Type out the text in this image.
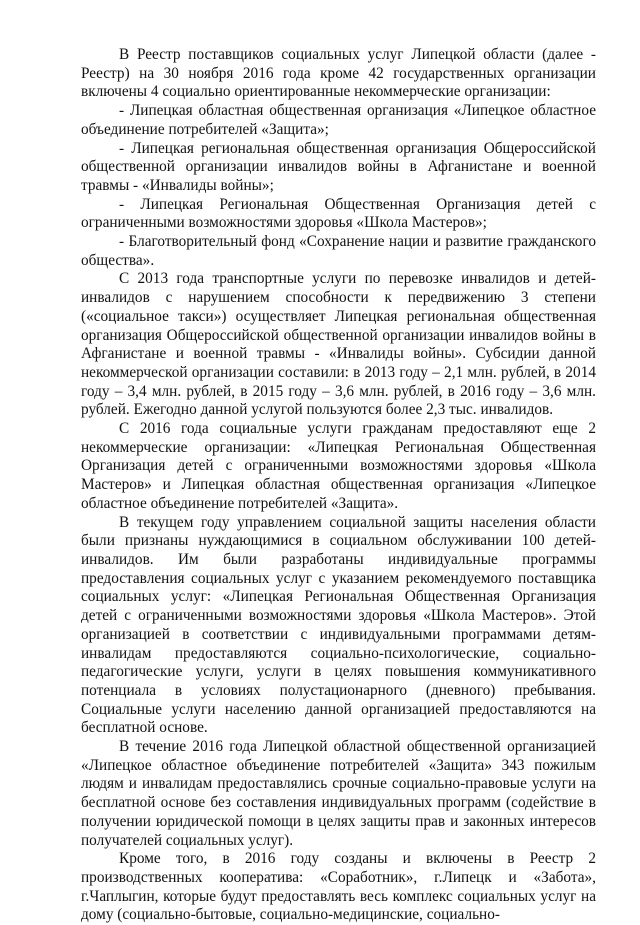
В Реестр поставщиков социальных услуг Липецкой области (далее - Реестр) на 30 ноября 2016 года кроме 42 государственных организации включены 4 социально ориентированные некоммерческие организации:

- Липецкая областная общественная организация «Липецкое областное объединение потребителей «Защита»;

- Липецкая региональная общественная организация Общероссийской общественной организации инвалидов войны в Афганистане и военной травмы - «Инвалиды войны»;

- Липецкая Региональная Общественная Организация детей с ограниченными возможностями здоровья «Школа Мастеров»;

- Благотворительный фонд «Сохранение нации и развитие гражданского общества».

С 2013 года транспортные услуги по перевозке инвалидов и детей-инвалидов с нарушением способности к передвижению 3 степени («социальное такси») осуществляет Липецкая региональная общественная организация Общероссийской общественной организации инвалидов войны в Афганистане и военной травмы - «Инвалиды войны». Субсидии данной некоммерческой организации составили: в 2013 году – 2,1 млн. рублей, в 2014 году – 3,4 млн. рублей, в 2015 году – 3,6 млн. рублей, в 2016 году – 3,6 млн. рублей. Ежегодно данной услугой пользуются более 2,3 тыс. инвалидов.

С 2016 года социальные услуги гражданам предоставляют еще 2 некоммерческие организации: «Липецкая Региональная Общественная Организация детей с ограниченными возможностями здоровья «Школа Мастеров» и Липецкая областная общественная организация «Липецкое областное объединение потребителей «Защита».

В текущем году управлением социальной защиты населения области были признаны нуждающимися в социальном обслуживании 100 детей-инвалидов. Им были разработаны индивидуальные программы предоставления социальных услуг с указанием рекомендуемого поставщика социальных услуг: «Липецкая Региональная Общественная Организация детей с ограниченными возможностями здоровья «Школа Мастеров». Этой организацией в соответствии с индивидуальными программами детям-инвалидам предоставляются социально-психологические, социально-педагогические услуги, услуги в целях повышения коммуникативного потенциала в условиях полустационарного (дневного) пребывания. Социальные услуги населению данной организацией предоставляются на бесплатной основе.

В течение 2016 года Липецкой областной общественной организацией «Липецкое областное объединение потребителей «Защита» 343 пожилым людям и инвалидам предоставлялись срочные социально-правовые услуги на бесплатной основе без составления индивидуальных программ (содействие в получении юридической помощи в целях защиты прав и законных интересов получателей социальных услуг).

Кроме того, в 2016 году созданы и включены в Реестр 2 производственных кооператива: «Соработник», г.Липецк и «Забота», г.Чаплыгин, которые будут предоставлять весь комплекс социальных услуг на дому (социально-бытовые, социально-медицинские, социально-
